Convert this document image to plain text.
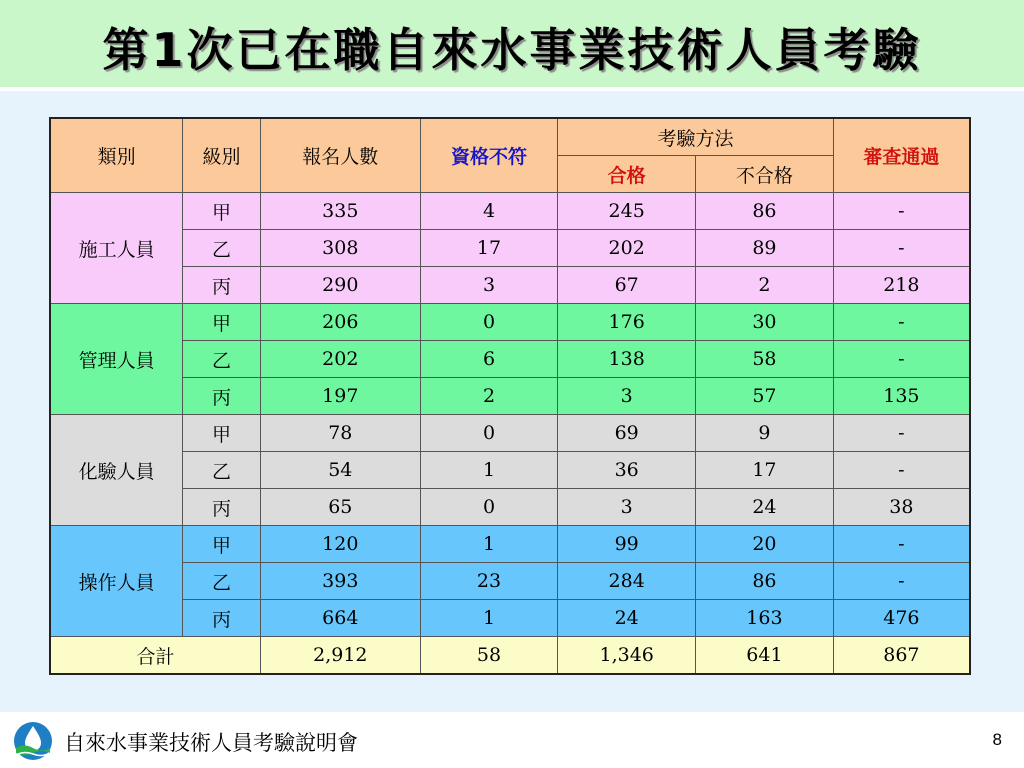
第1次已在職自來水事業技術人員考驗
類別	級別	報名人數	資格不符	考驗方法		審查通過
				合格	不合格	
施工人員	甲	335	4	245	86	-
	乙	308	17	202	89	-
	丙	290	3	67	2	218
管理人員	甲	206	0	176	30	-
	乙	202	6	138	58	-
	丙	197	2	3	57	135
化驗人員	甲	78	0	69	9	-
	乙	54	1	36	17	-
	丙	65	0	3	24	38
操作人員	甲	120	1	99	20	-
	乙	393	23	284	86	-
	丙	664	1	24	163	476
合計		2,912	58	1,346	641	867
自來水事業技術人員考驗說明會	8
